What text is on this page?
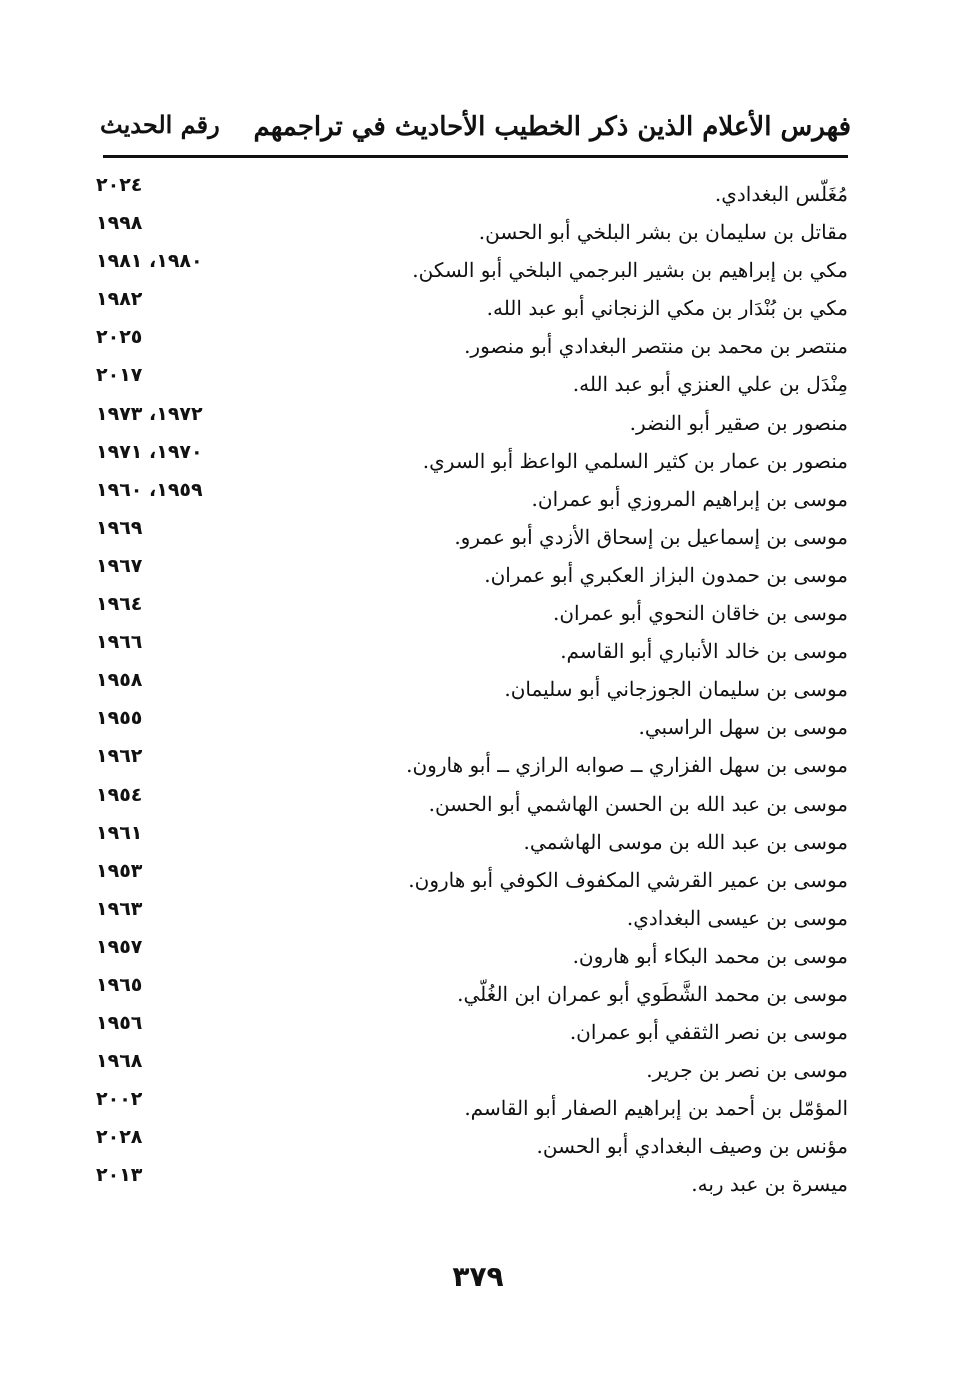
فهرس الأعلام الذين ذكر الخطيب الأحاديث في تراجمهم
رقم الحديث
مُغَلّس البغدادي.
٢٠٢٤
مقاتل بن سليمان بن بشر البلخي أبو الحسن.
١٩٩٨
مكي بن إبراهيم بن بشير البرجمي البلخي أبو السكن.
١٩٨٠، ١٩٨١
مكي بن بُنْدَار بن مكي الزنجاني أبو عبد الله.
١٩٨٢
منتصر بن محمد بن منتصر البغدادي أبو منصور.
٢٠٢٥
مِنْدَل بن علي العنزي أبو عبد الله.
٢٠١٧
منصور بن صقير أبو النضر.
١٩٧٢، ١٩٧٣
منصور بن عمار بن كثير السلمي الواعظ أبو السري.
١٩٧٠، ١٩٧١
موسى بن إبراهيم المروزي أبو عمران.
١٩٥٩، ١٩٦٠
موسى بن إسماعيل بن إسحاق الأزدي أبو عمرو.
١٩٦٩
موسى بن حمدون البزاز العكبري أبو عمران.
١٩٦٧
موسى بن خاقان النحوي أبو عمران.
١٩٦٤
موسى بن خالد الأنباري أبو القاسم.
١٩٦٦
موسى بن سليمان الجوزجاني أبو سليمان.
١٩٥٨
موسى بن سهل الراسبي.
١٩٥٥
موسى بن سهل الفزاري ــ صوابه الرازي ــ أبو هارون.
١٩٦٢
موسى بن عبد الله بن الحسن الهاشمي أبو الحسن.
١٩٥٤
موسى بن عبد الله بن موسى الهاشمي.
١٩٦١
موسى بن عمير القرشي المكفوف الكوفي أبو هارون.
١٩٥٣
موسى بن عيسى البغدادي.
١٩٦٣
موسى بن محمد البكاء أبو هارون.
١٩٥٧
موسى بن محمد الشَّطَوي أبو عمران ابن الغُلّي.
١٩٦٥
موسى بن نصر الثقفي أبو عمران.
١٩٥٦
موسى بن نصر بن جرير.
١٩٦٨
المؤمّل بن أحمد بن إبراهيم الصفار أبو القاسم.
٢٠٠٢
مؤنس بن وصيف البغدادي أبو الحسن.
٢٠٢٨
ميسرة بن عبد ربه.
٢٠١٣
٣٧٩
